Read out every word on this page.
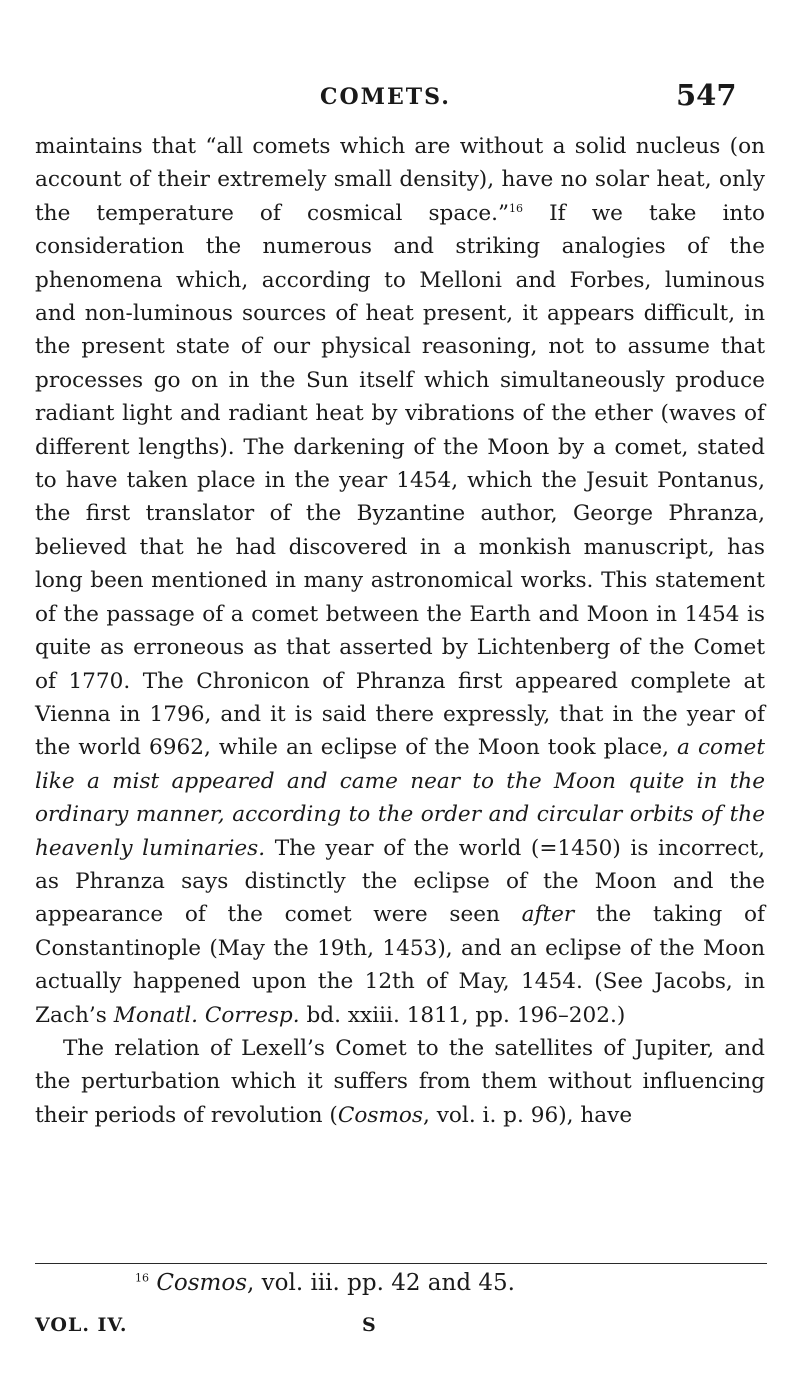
COMETS.	547

maintains that “all comets which are without a solid nucleus (on account of their extremely small density), have no solar heat, only the temperature of cosmical space.”$^{16}$ If we take into consideration the numerous and striking analogies of the phenomena which, according to Melloni and Forbes, luminous and non-luminous sources of heat present, it appears difficult, in the present state of our physical reasoning, not to assume that processes go on in the Sun itself which simultaneously produce radiant light and radiant heat by vibrations of the ether (waves of different lengths). The darkening of the Moon by a comet, stated to have taken place in the year 1454, which the Jesuit Pontanus, the first translator of the Byzantine author, George Phranza, believed that he had discovered in a monkish manuscript, has long been mentioned in many astronomical works. This statement of the passage of a comet between the Earth and Moon in 1454 is quite as erroneous as that asserted by Lichtenberg of the Comet of 1770. The Chronicon of Phranza first appeared complete at Vienna in 1796, and it is said there expressly, that in the year of the world 6962, while an eclipse of the Moon took place, a comet like a mist appeared and came near to the Moon quite in the ordinary manner, according to the order and circular orbits of the heavenly luminaries. The year of the world (=1450) is incorrect, as Phranza says distinctly the eclipse of the Moon and the appearance of the comet were seen after the taking of Constantinople (May the 19th, 1453), and an eclipse of the Moon actually happened upon the 12th of May, 1454. (See Jacobs, in Zach’s Monatl. Corresp. bd. xxiii. 1811, pp. 196–202.)

The relation of Lexell’s Comet to the satellites of Jupiter, and the perturbation which it suffers from them without influencing their periods of revolution (Cosmos, vol. i. p. 96), have

$^{16}$ Cosmos, vol. iii. pp. 42 and 45.
VOL. IV.	S
